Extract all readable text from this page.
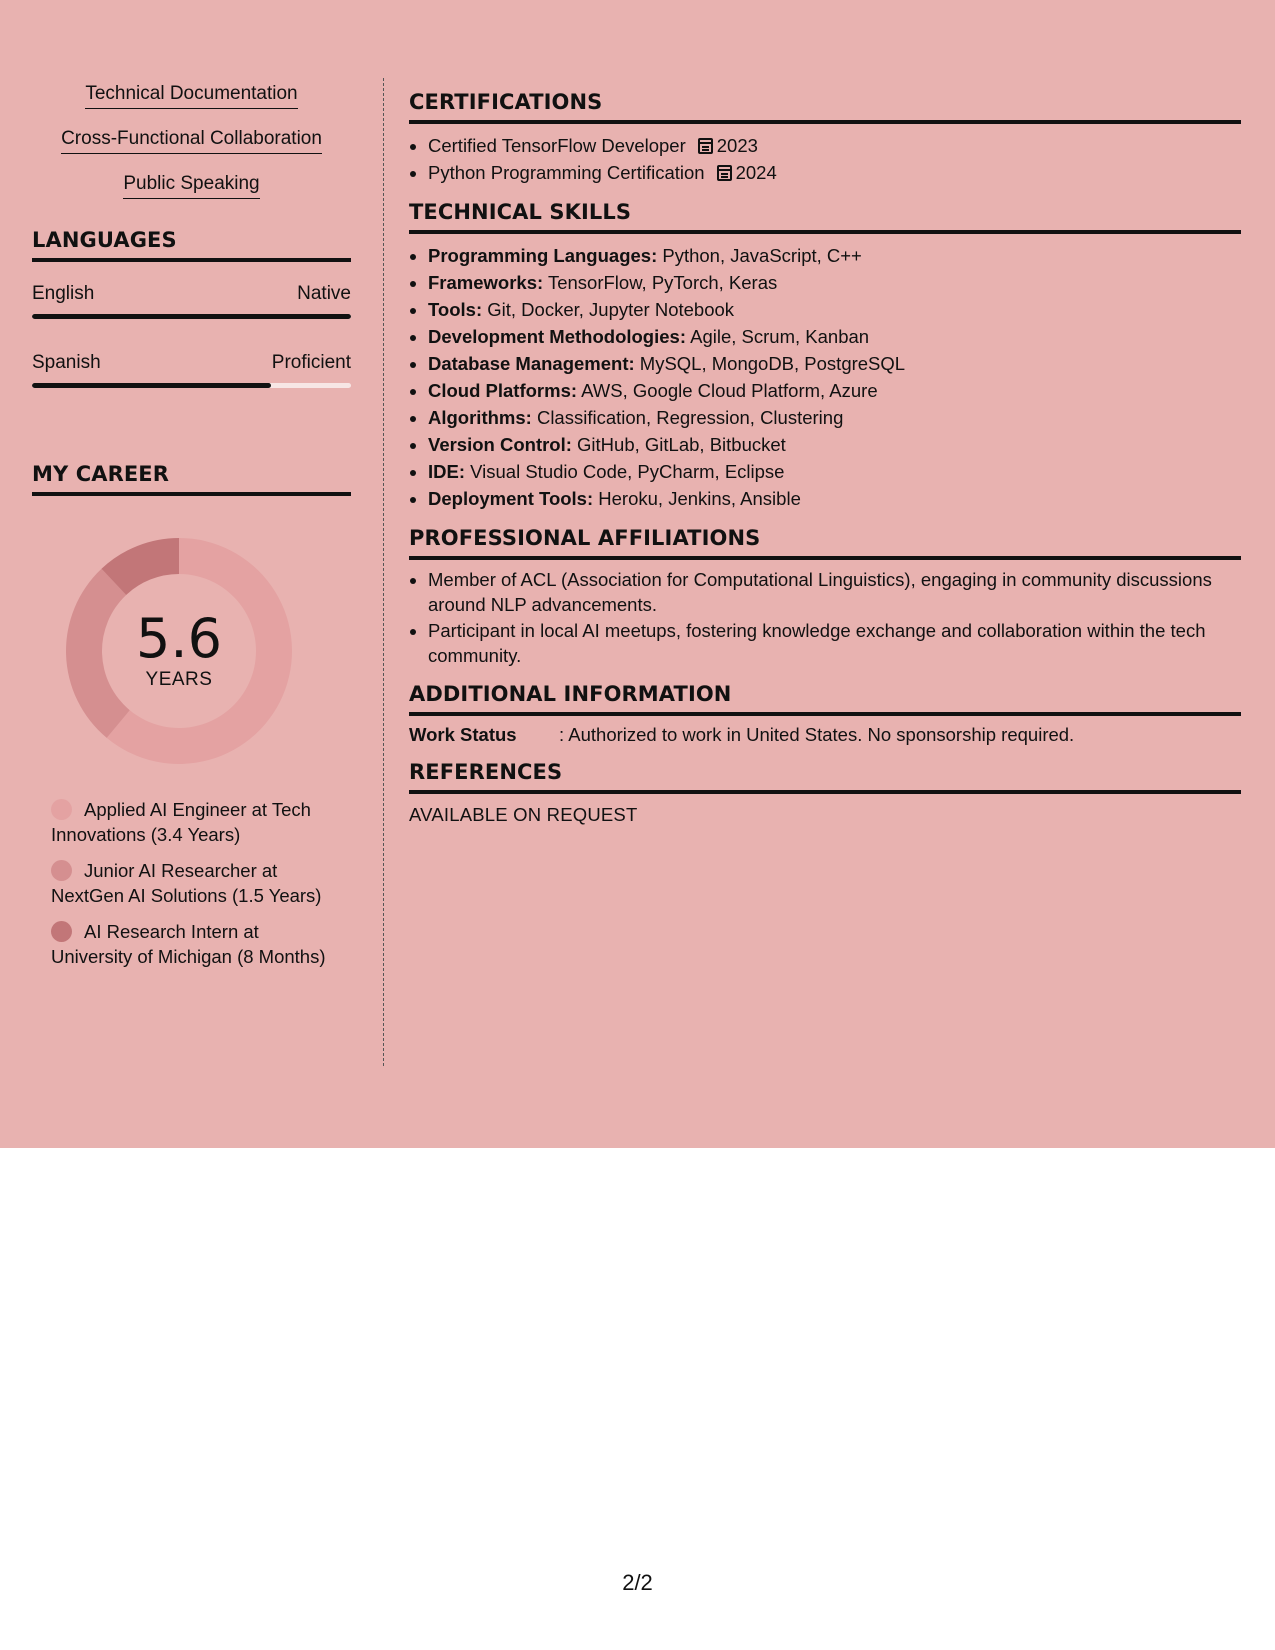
Technical Documentation
Cross-Functional Collaboration
Public Speaking
LANGUAGES
English	Native
Spanish	Proficient
MY CAREER
5.6
YEARS
Applied AI Engineer at Tech Innovations (3.4 Years)
Junior AI Researcher at NextGen AI Solutions (1.5 Years)
AI Research Intern at University of Michigan (8 Months)
CERTIFICATIONS
• Certified TensorFlow Developer 2023
• Python Programming Certification 2024
TECHNICAL SKILLS
• Programming Languages: Python, JavaScript, C++
• Frameworks: TensorFlow, PyTorch, Keras
• Tools: Git, Docker, Jupyter Notebook
• Development Methodologies: Agile, Scrum, Kanban
• Database Management: MySQL, MongoDB, PostgreSQL
• Cloud Platforms: AWS, Google Cloud Platform, Azure
• Algorithms: Classification, Regression, Clustering
• Version Control: GitHub, GitLab, Bitbucket
• IDE: Visual Studio Code, PyCharm, Eclipse
• Deployment Tools: Heroku, Jenkins, Ansible
PROFESSIONAL AFFILIATIONS
• Member of ACL (Association for Computational Linguistics), engaging in community discussions around NLP advancements.
• Participant in local AI meetups, fostering knowledge exchange and collaboration within the tech community.
ADDITIONAL INFORMATION
Work Status	: Authorized to work in United States. No sponsorship required.
REFERENCES
AVAILABLE ON REQUEST
2/2
